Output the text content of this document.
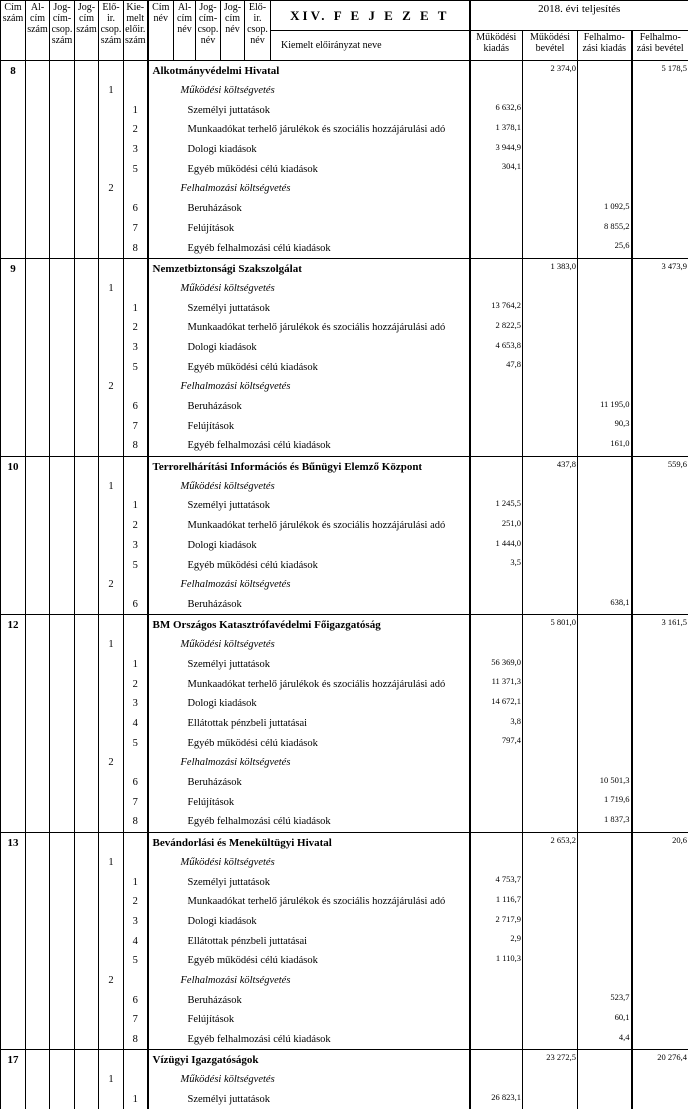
Cím szám	Al-cím szám	Jog-cím-csop. szám	Jog-cím szám	Elő-ir. csop. szám	Kie-melt előir. szám	Cím név	Al-cím név	Jog-cím-csop. név	Jog-cím név	Elő-ir. csop. név	XIV. F E J E Z E T	2018. évi teljesítés			
											Kiemelt előirányzat neve	Működési kiadás	Működési bevétel	Felhalmo-zási kiadás	Felhalmo-zási bevétel
8						Alkotmányvédelmi Hivatal							2 374,0		5 178,5
				1		Működési költségvetés									
					1	Személyi juttatások						6 632,6			
					2	Munkaadókat terhelő járulékok és szociális hozzájárulási adó						1 378,1			
					3	Dologi kiadások						3 944,9			
					5	Egyéb működési célú kiadások						304,1			
				2		Felhalmozási költségvetés									
					6	Beruházások								1 092,5	
					7	Felújítások								8 855,2	
					8	Egyéb felhalmozási célú kiadások								25,6	
9						Nemzetbiztonsági Szakszolgálat							1 383,0		3 473,9
				1		Működési költségvetés									
					1	Személyi juttatások						13 764,2			
					2	Munkaadókat terhelő járulékok és szociális hozzájárulási adó						2 822,5			
					3	Dologi kiadások						4 653,8			
					5	Egyéb működési célú kiadások						47,8			
				2		Felhalmozási költségvetés									
					6	Beruházások								11 195,0	
					7	Felújítások								90,3	
					8	Egyéb felhalmozási célú kiadások								161,0	
10						Terrorelhárítási Információs és Bűnügyi Elemző Központ							437,8		559,6
				1		Működési költségvetés									
					1	Személyi juttatások						1 245,5			
					2	Munkaadókat terhelő járulékok és szociális hozzájárulási adó						251,0			
					3	Dologi kiadások						1 444,0			
					5	Egyéb működési célú kiadások						3,5			
				2		Felhalmozási költségvetés									
					6	Beruházások								638,1	
12						BM Országos Katasztrófavédelmi Főigazgatóság							5 801,0		3 161,5
				1		Működési költségvetés									
					1	Személyi juttatások						56 369,0			
					2	Munkaadókat terhelő járulékok és szociális hozzájárulási adó						11 371,3			
					3	Dologi kiadások						14 672,1			
					4	Ellátottak pénzbeli juttatásai						3,8			
					5	Egyéb működési célú kiadások						797,4			
				2		Felhalmozási költségvetés									
					6	Beruházások								10 501,3	
					7	Felújítások								1 719,6	
					8	Egyéb felhalmozási célú kiadások								1 837,3	
13						Bevándorlási és Menekültügyi Hivatal							2 653,2		20,6
				1		Működési költségvetés									
					1	Személyi juttatások						4 753,7			
					2	Munkaadókat terhelő járulékok és szociális hozzájárulási adó						1 116,7			
					3	Dologi kiadások						2 717,9			
					4	Ellátottak pénzbeli juttatásai						2,9			
					5	Egyéb működési célú kiadások						1 110,3			
				2		Felhalmozási költségvetés									
					6	Beruházások								523,7	
					7	Felújítások								60,1	
					8	Egyéb felhalmozási célú kiadások								4,4	
17						Vízügyi Igazgatóságok							23 272,5		20 276,4
				1		Működési költségvetés									
					1	Személyi juttatások						26 823,1			
